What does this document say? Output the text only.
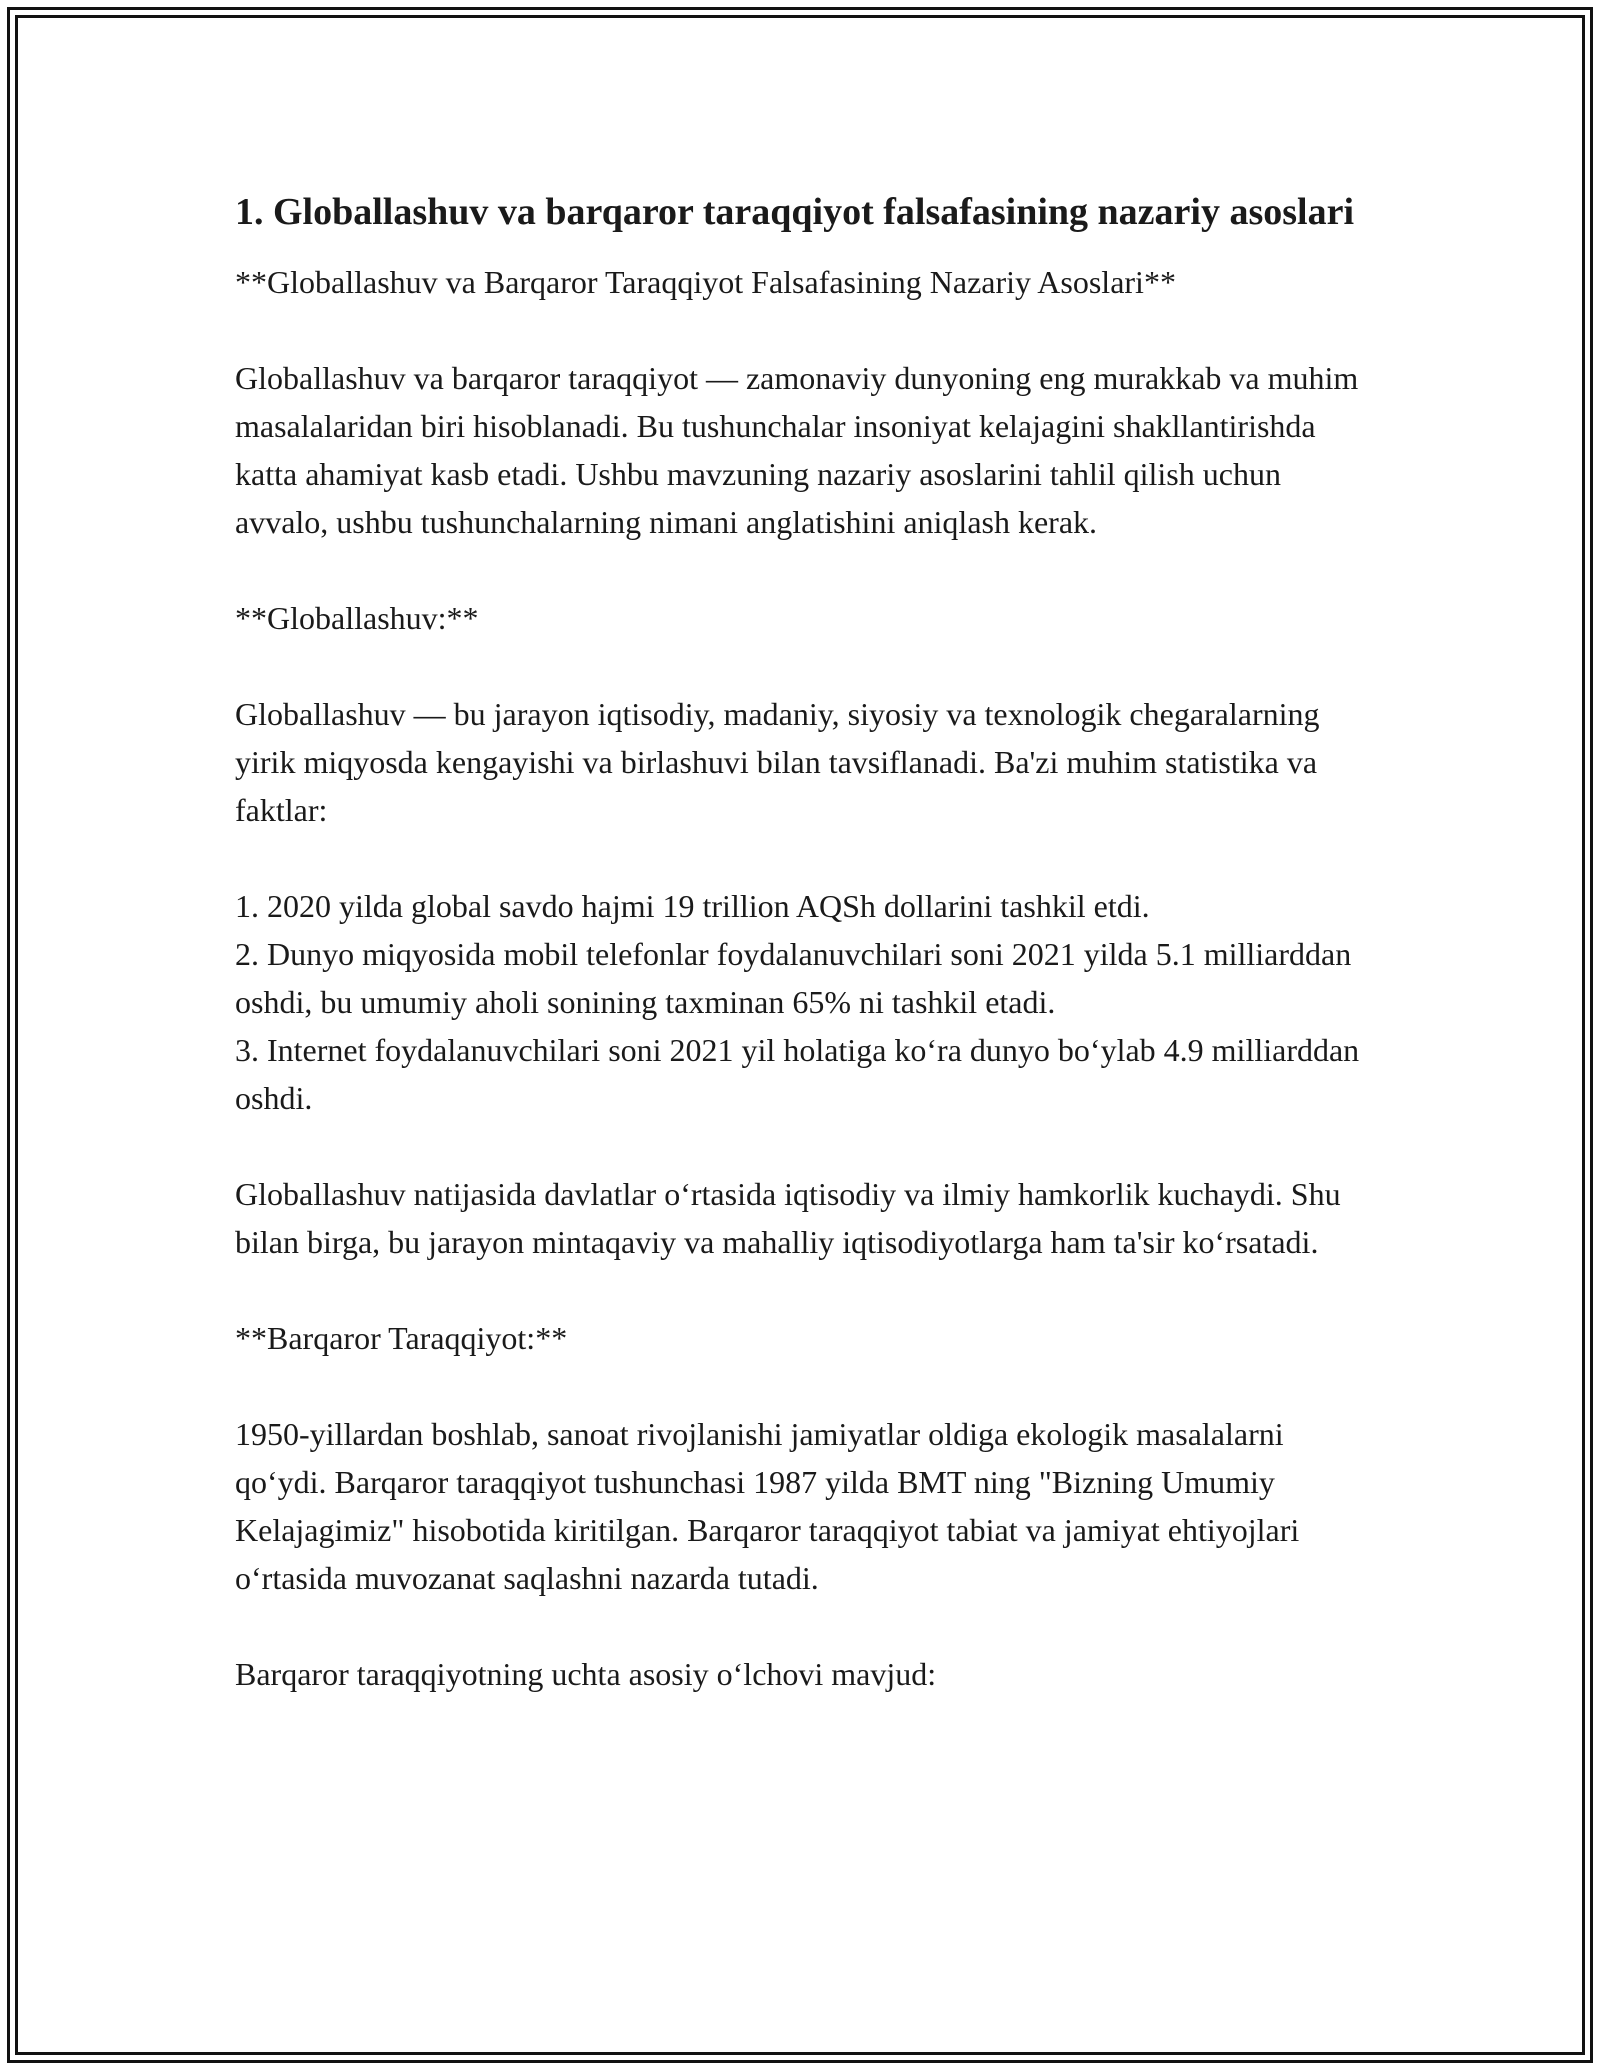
1. Globallashuv va barqaror taraqqiyot falsafasining nazariy asoslari

**Globallashuv va Barqaror Taraqqiyot Falsafasining Nazariy Asoslari**

Globallashuv va barqaror taraqqiyot — zamonaviy dunyoning eng murakkab va muhim masalalaridan biri hisoblanadi. Bu tushunchalar insoniyat kelajagini shakllantirishda katta ahamiyat kasb etadi. Ushbu mavzuning nazariy asoslarini tahlil qilish uchun avvalo, ushbu tushunchalarning nimani anglatishini aniqlash kerak.

**Globallashuv:**

Globallashuv — bu jarayon iqtisodiy, madaniy, siyosiy va texnologik chegaralarning yirik miqyosda kengayishi va birlashuvi bilan tavsiflanadi. Ba'zi muhim statistika va faktlar:

1. 2020 yilda global savdo hajmi 19 trillion AQSh dollarini tashkil etdi.
2. Dunyo miqyosida mobil telefonlar foydalanuvchilari soni 2021 yilda 5.1 milliarddan oshdi, bu umumiy aholi sonining taxminan 65% ni tashkil etadi.
3. Internet foydalanuvchilari soni 2021 yil holatiga ko‘ra dunyo bo‘ylab 4.9 milliarddan oshdi.

Globallashuv natijasida davlatlar o‘rtasida iqtisodiy va ilmiy hamkorlik kuchaydi. Shu bilan birga, bu jarayon mintaqaviy va mahalliy iqtisodiyotlarga ham ta'sir ko‘rsatadi.

**Barqaror Taraqqiyot:**

1950-yillardan boshlab, sanoat rivojlanishi jamiyatlar oldiga ekologik masalalarni qo‘ydi. Barqaror taraqqiyot tushunchasi 1987 yilda BMT ning "Bizning Umumiy Kelajagimiz" hisobotida kiritilgan. Barqaror taraqqiyot tabiat va jamiyat ehtiyojlari o‘rtasida muvozanat saqlashni nazarda tutadi.

Barqaror taraqqiyotning uchta asosiy o‘lchovi mavjud:
